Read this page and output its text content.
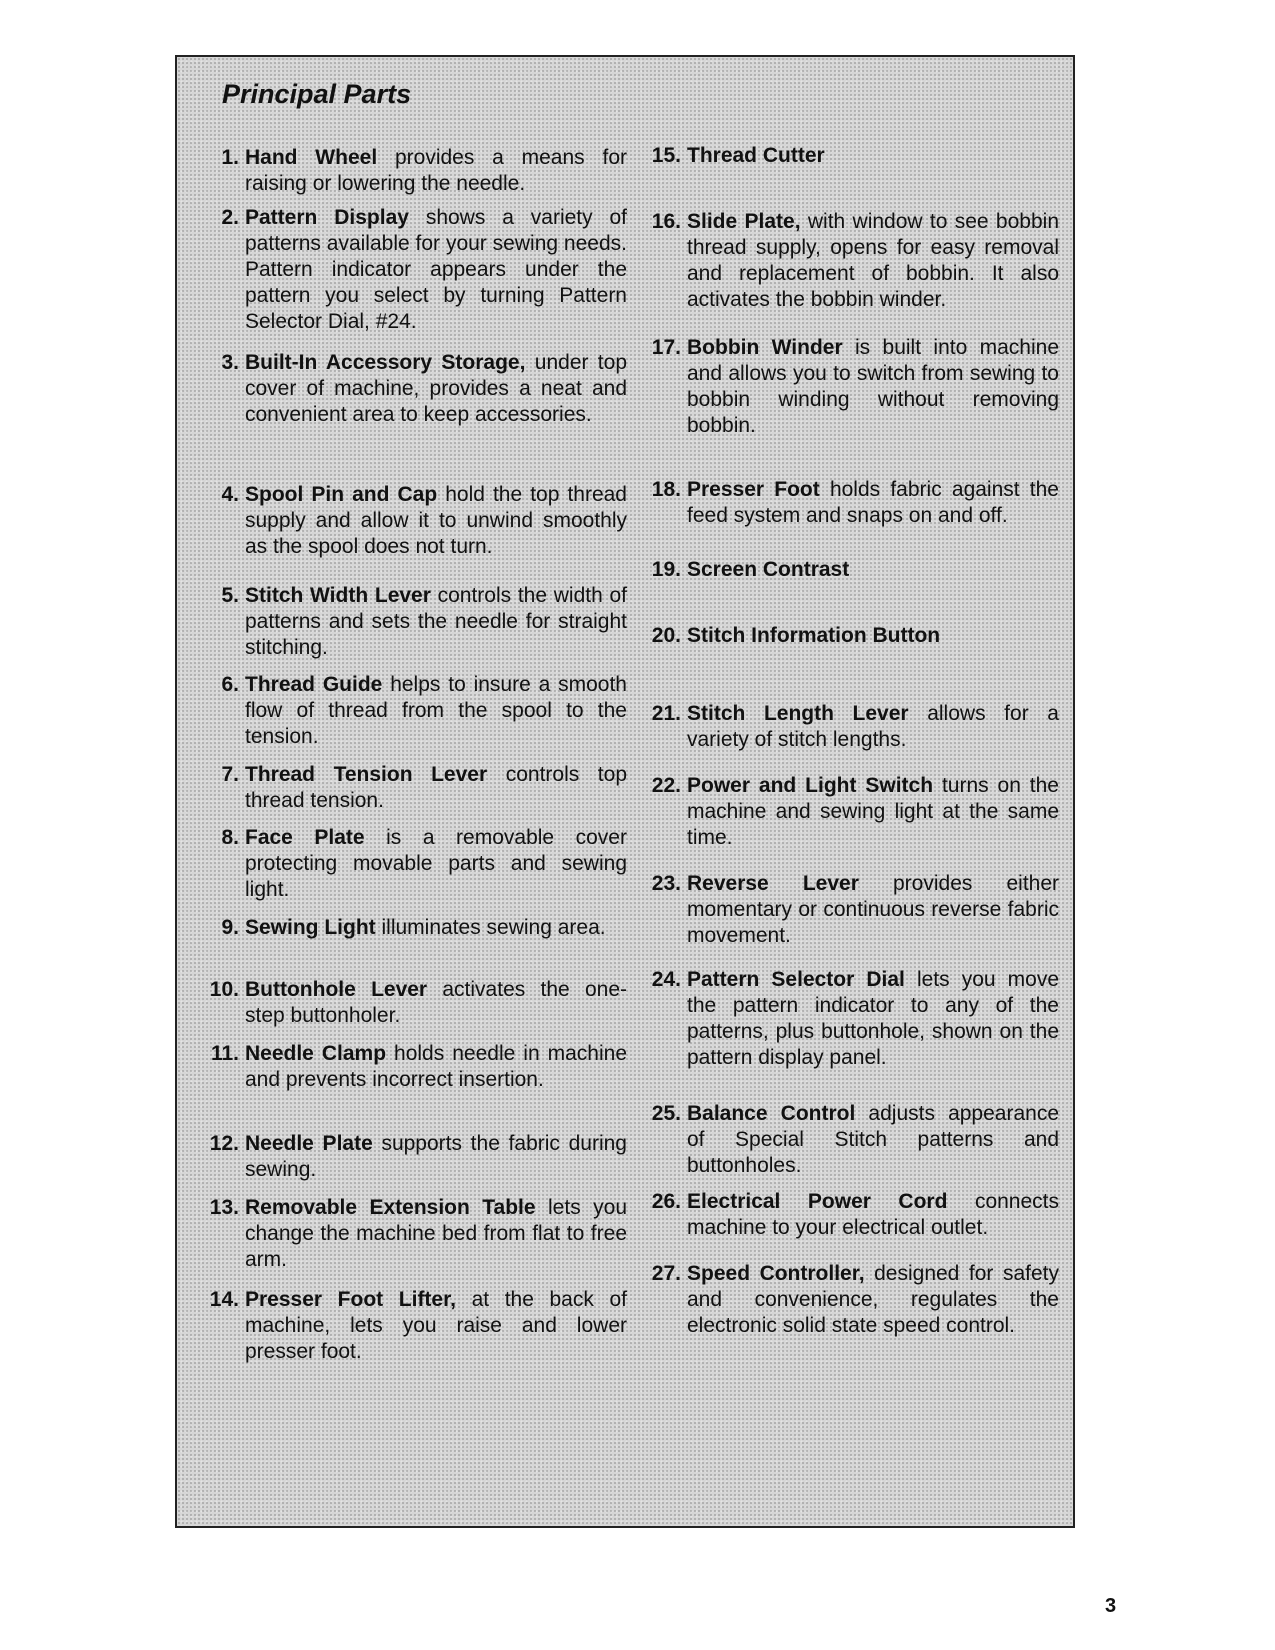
Principal Parts
1. Hand Wheel provides a means for raising or lowering the needle.
2. Pattern Display shows a variety of patterns available for your sewing needs. Pattern indicator appears under the pattern you select by turning Pattern Selector Dial, #24.
3. Built-In Accessory Storage, under top cover of machine, provides a neat and convenient area to keep accessories.
4. Spool Pin and Cap hold the top thread supply and allow it to unwind smoothly as the spool does not turn.
5. Stitch Width Lever controls the width of patterns and sets the needle for straight stitching.
6. Thread Guide helps to insure a smooth flow of thread from the spool to the tension.
7. Thread Tension Lever controls top thread tension.
8. Face Plate is a removable cover protecting movable parts and sewing light.
9. Sewing Light illuminates sewing area.
10. Buttonhole Lever activates the one-step buttonholer.
11. Needle Clamp holds needle in machine and prevents incorrect insertion.
12. Needle Plate supports the fabric during sewing.
13. Removable Extension Table lets you change the machine bed from flat to free arm.
14. Presser Foot Lifter, at the back of machine, lets you raise and lower presser foot.
15. Thread Cutter
16. Slide Plate, with window to see bobbin thread supply, opens for easy removal and replacement of bobbin. It also activates the bobbin winder.
17. Bobbin Winder is built into machine and allows you to switch from sewing to bobbin winding without removing bobbin.
18. Presser Foot holds fabric against the feed system and snaps on and off.
19. Screen Contrast
20. Stitch Information Button
21. Stitch Length Lever allows for a variety of stitch lengths.
22. Power and Light Switch turns on the machine and sewing light at the same time.
23. Reverse Lever provides either momentary or continuous reverse fabric movement.
24. Pattern Selector Dial lets you move the pattern indicator to any of the patterns, plus buttonhole, shown on the pattern display panel.
25. Balance Control adjusts appearance of Special Stitch patterns and buttonholes.
26. Electrical Power Cord connects machine to your electrical outlet.
27. Speed Controller, designed for safety and convenience, regulates the electronic solid state speed control.
3
